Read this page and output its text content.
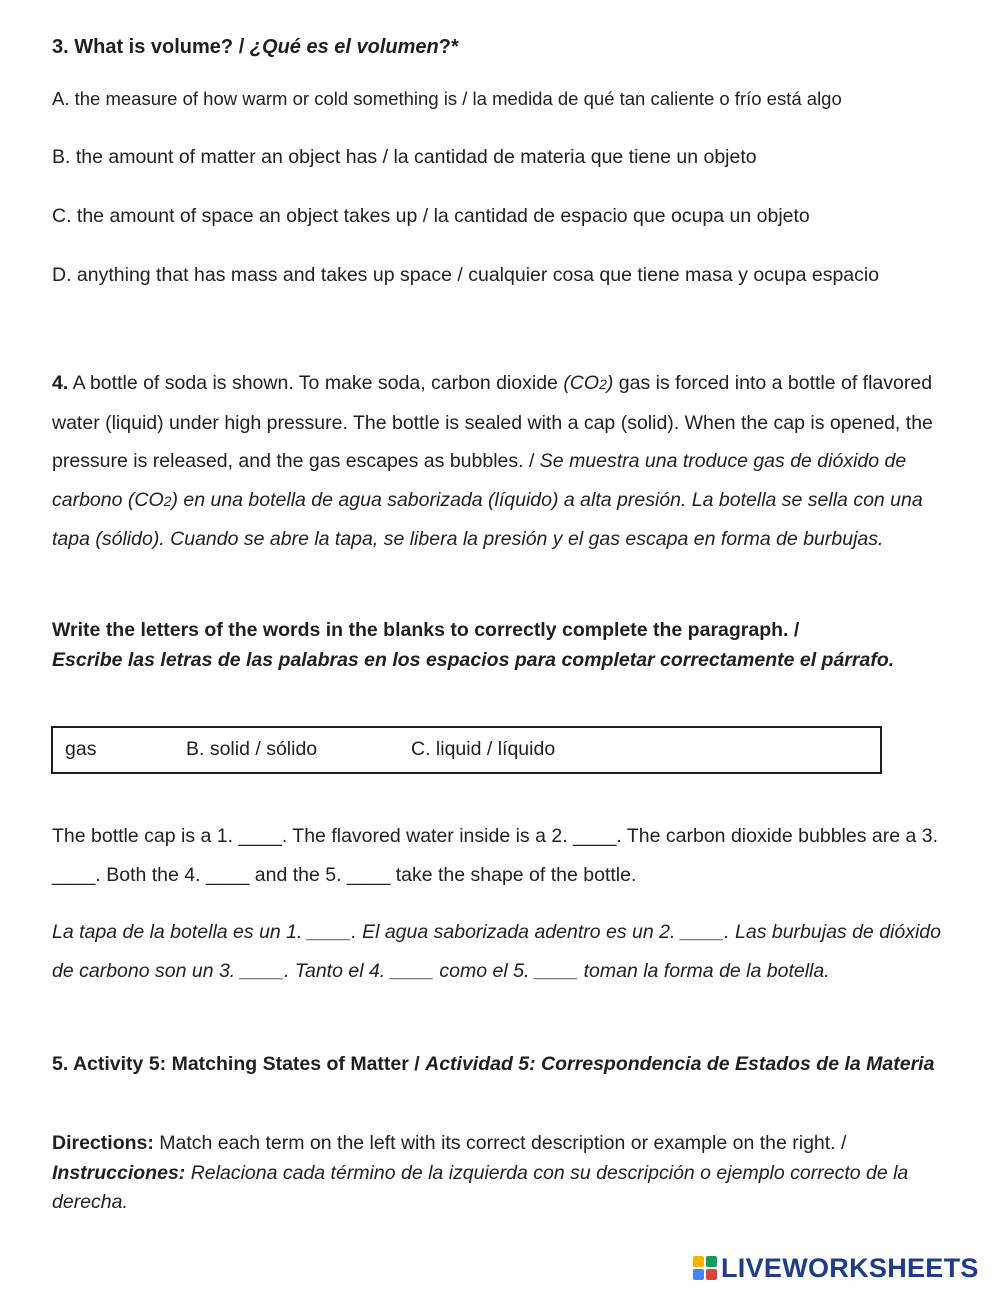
3. What is volume? / ¿Qué es el volumen?*
A. the measure of how warm or cold something is / la medida de qué tan caliente o frío está algo
B. the amount of matter an object has / la cantidad de materia que tiene un objeto
C. the amount of space an object takes up / la cantidad de espacio que ocupa un objeto
D. anything that has mass and takes up space / cualquier cosa que tiene masa y ocupa espacio
4. A bottle of soda is shown. To make soda, carbon dioxide (CO2) gas is forced into a bottle of flavored water (liquid) under high pressure. The bottle is sealed with a cap (solid). When the cap is opened, the pressure is released, and the gas escapes as bubbles. / Se muestra una troduce gas de dióxido de carbono (CO2) en una botella de agua saborizada (líquido) a alta presión. La botella se sella con una tapa (sólido). Cuando se abre la tapa, se libera la presión y el gas escapa en forma de burbujas.
Write the letters of the words in the blanks to correctly complete the paragraph. /
Escribe las letras de las palabras en los espacios para completar correctamente el párrafo.
gas	B. solid / sólido	C. liquid / líquido
The bottle cap is a 1. ____. The flavored water inside is a 2. ____. The carbon dioxide bubbles are a 3. ____. Both the 4. ____ and the 5. ____ take the shape of the bottle.
La tapa de la botella es un 1. ____. El agua saborizada adentro es un 2. ____. Las burbujas de dióxido de carbono son un 3. ____. Tanto el 4. ____ como el 5. ____ toman la forma de la botella.
5. Activity 5: Matching States of Matter / Actividad 5: Correspondencia de Estados de la Materia
Directions: Match each term on the left with its correct description or example on the right. /
Instrucciones: Relaciona cada término de la izquierda con su descripción o ejemplo correcto de la derecha.
LIVEWORKSHEETS
